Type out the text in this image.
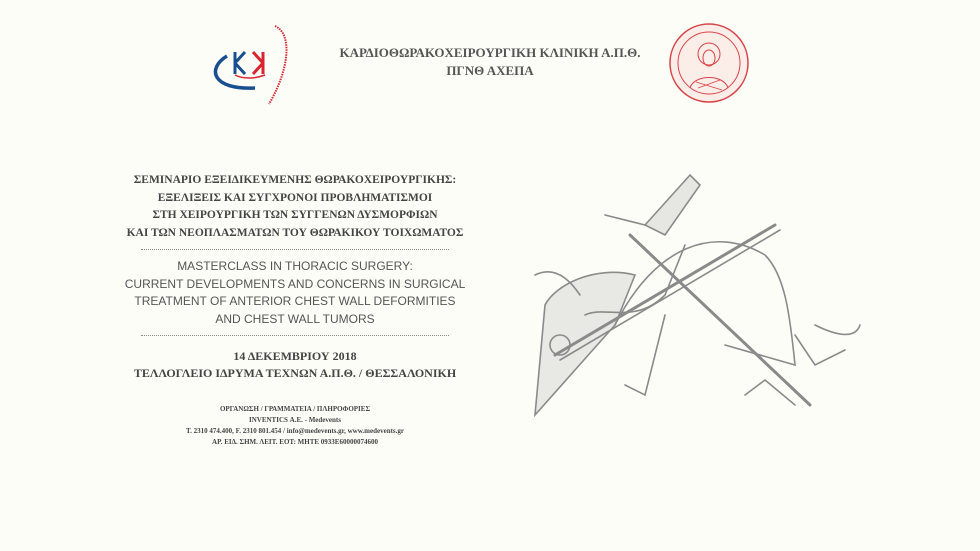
ΚΑΡΔΙΟΘΩΡΑΚΟΧΕΙΡΟΥΡΓΙΚΗ ΚΛΙΝΙΚΗ Α.Π.Θ.
ΠΓΝΘ ΑΧΕΠΑ
ΣΕΜΙΝΑΡΙΟ ΕΞΕΙΔΙΚΕΥΜΕΝΗΣ ΘΩΡΑΚΟΧΕΙΡΟΥΡΓΙΚΗΣ:
ΕΞΕΛΙΞΕΙΣ ΚΑΙ ΣΥΓΧΡΟΝΟΙ ΠΡΟΒΛΗΜΑΤΙΣΜΟΙ
ΣΤΗ ΧΕΙΡΟΥΡΓΙΚΗ ΤΩΝ ΣΥΓΓΕΝΩΝ ΔΥΣΜΟΡΦΙΩΝ
ΚΑΙ ΤΩΝ ΝΕΟΠΛΑΣΜΑΤΩΝ ΤΟΥ ΘΩΡΑΚΙΚΟΥ ΤΟΙΧΩΜΑΤΟΣ
MASTERCLASS IN THORACIC SURGERY:
CURRENT DEVELOPMENTS AND CONCERNS IN SURGICAL
TREATMENT OF ANTERIOR CHEST WALL DEFORMITIES
AND CHEST WALL TUMORS
14 ΔΕΚΕΜΒΡΙΟΥ 2018
ΤΕΛΛΟΓΛΕΙΟ ΙΔΡΥΜΑ ΤΕΧΝΩΝ Α.Π.Θ. / ΘΕΣΣΑΛΟΝΙΚΗ
ΟΡΓΑΝΩΣΗ / ΓΡΑΜΜΑΤΕΙΑ / ΠΛΗΡΟΦΟΡΙΕΣ
INVENTICS Α.Ε. - Medevents
T. 2310 474.400, F. 2310 801.454 / info@medevents.gr, www.medevents.gr
ΑΡ. ΕΙΔ. ΣΗΜ. ΛΕΙΤ. ΕΟΤ: ΜΗΤΕ 0933Ε60000074600
